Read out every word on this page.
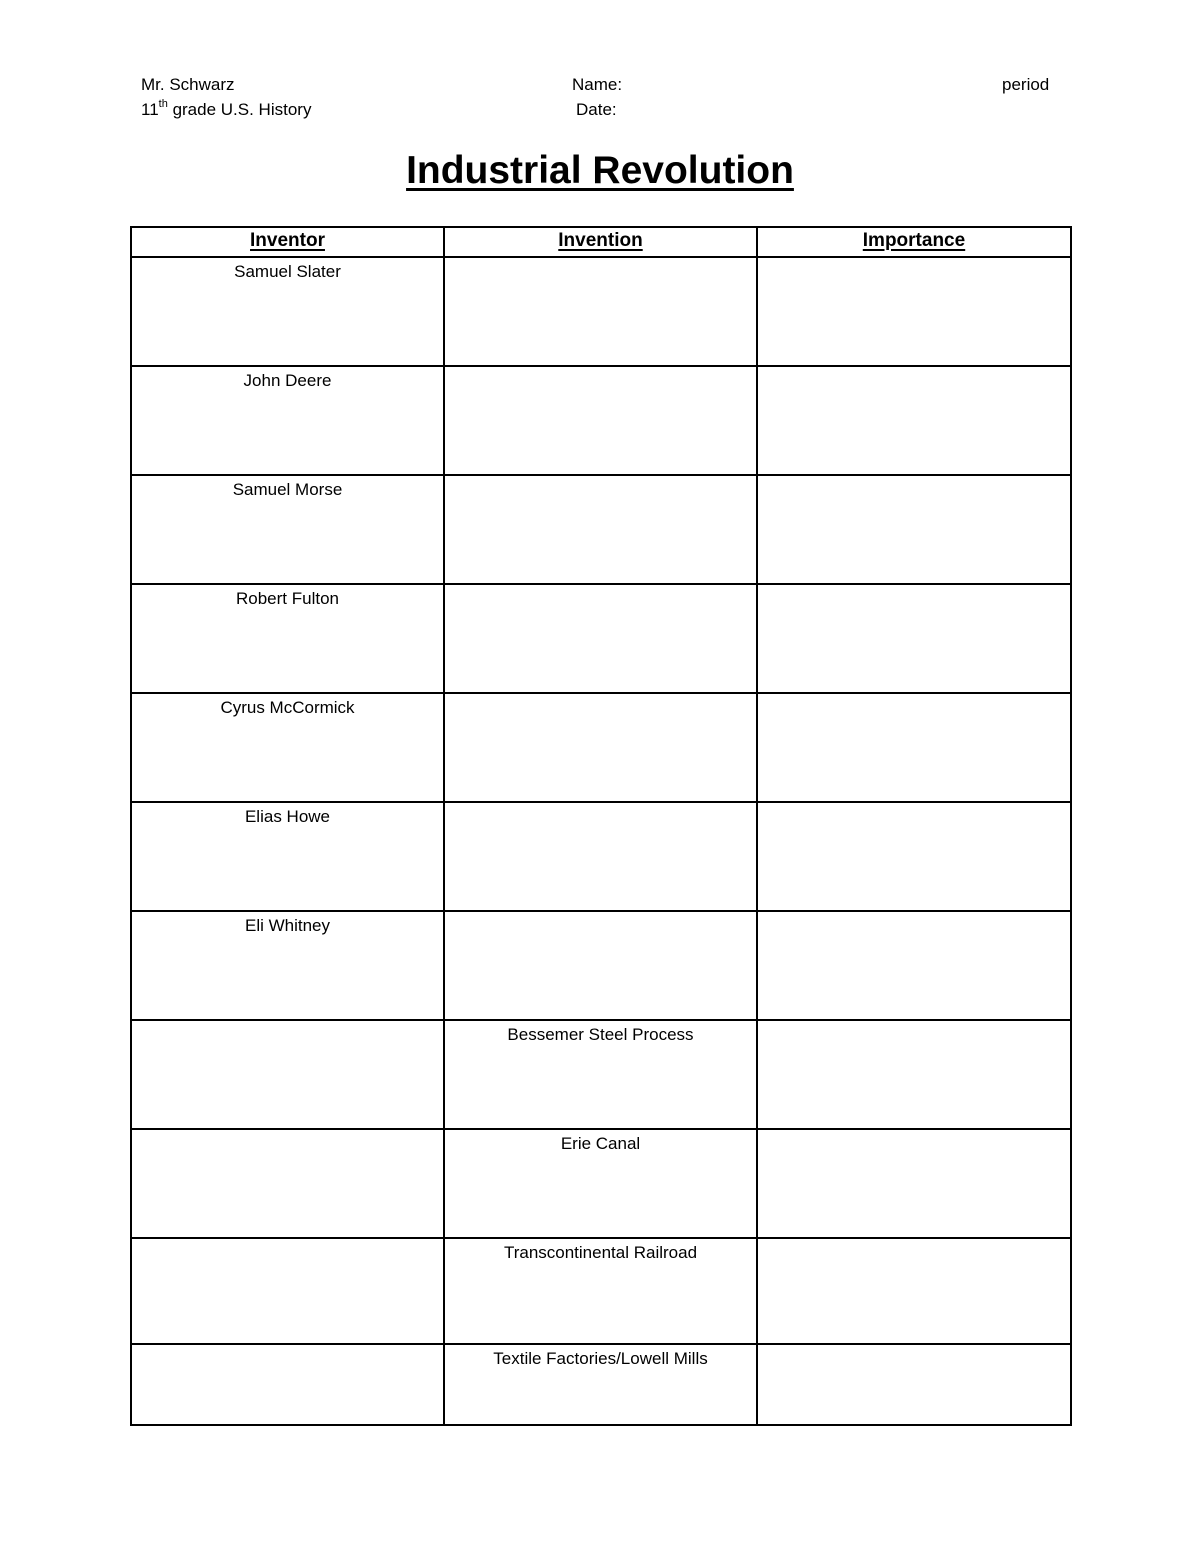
Mr. Schwarz
11th grade U.S. History
Name:
Date:
period
Industrial Revolution
Inventor	Invention	Importance
Samuel Slater		
John Deere		
Samuel Morse		
Robert Fulton		
Cyrus McCormick		
Elias Howe		
Eli Whitney		
	Bessemer Steel Process	
	Erie Canal	
	Transcontinental Railroad	
	Textile Factories/Lowell Mills	
